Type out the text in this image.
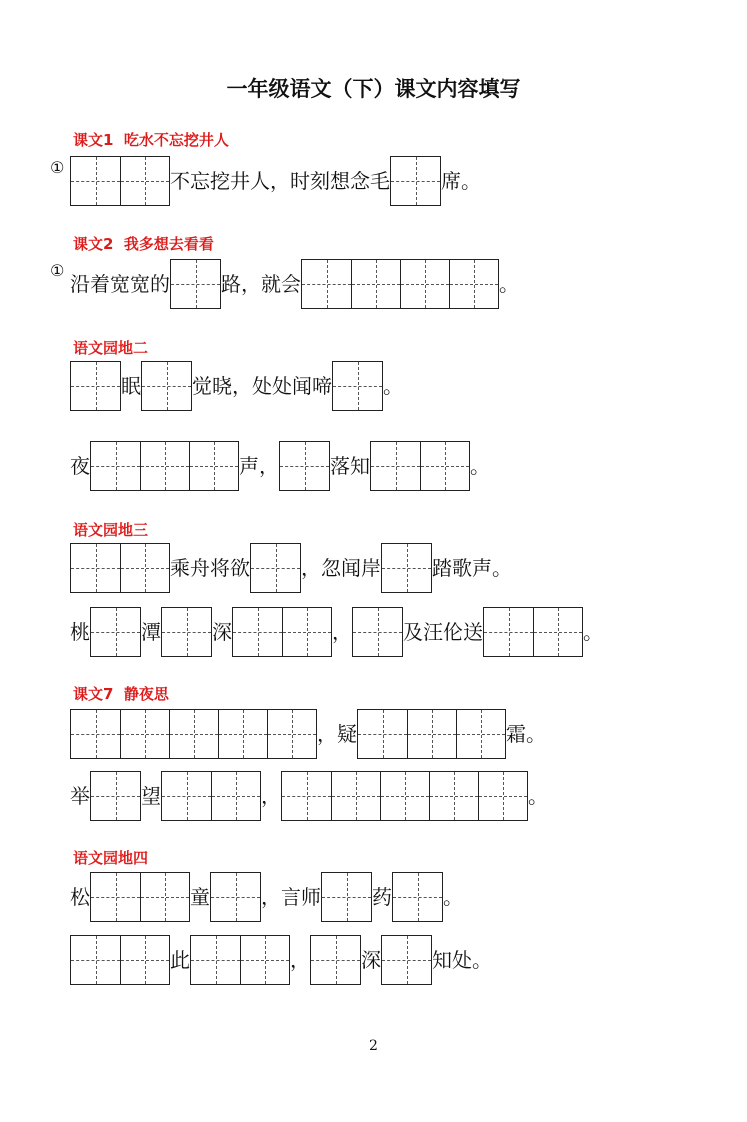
一年级语文（下）课文内容填写
课文1  吃水不忘挖井人
①
不忘挖井人，时刻想念毛	席。
课文2  我多想去看看
①
沿着宽宽的	路，就会	。
语文园地二
眠	觉晓，处处闻啼	。
夜	声，	落知	。
语文园地三
乘舟将欲	，忽闻岸	踏歌声。
桃	潭	深	，	及汪伦送	。
课文7  静夜思
，疑	霜。
举	望	，	。
语文园地四
松	童	，言师	药	。
此	，	深	知处。
2
